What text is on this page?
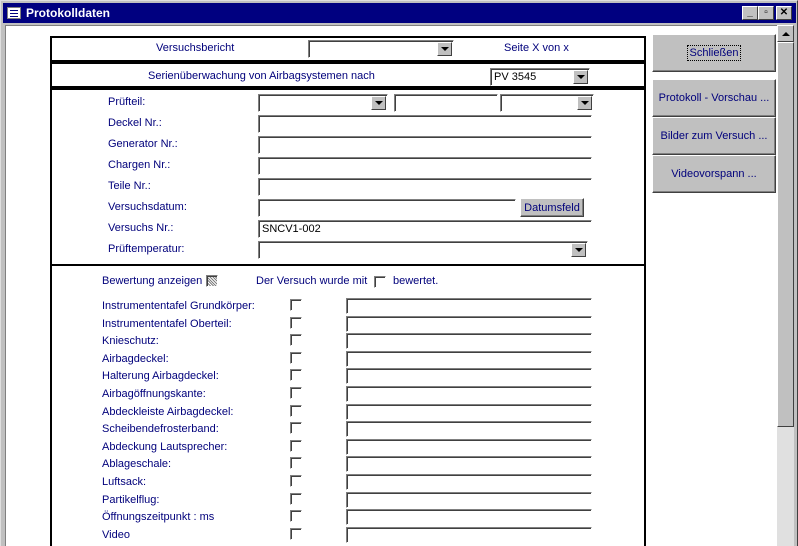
Protokolldaten	_	▫	✕
Versuchsbericht	Seite X von x
Serienüberwachung von Airbagsystemen nach	PV 3545
Prüfteil:
Deckel Nr.:
Generator Nr.:
Chargen Nr.:
Teile Nr.:
Versuchsdatum:	Datumsfeld
Versuchs Nr.:	SNCV1-002
Prüftemperatur:
Bewertung anzeigen	Der Versuch wurde mit bewertet.
Instrumententafel Grundkörper:
Instrumententafel Oberteil:
Knieschutz:
Airbagdeckel:
Halterung Airbagdeckel:
Airbagöffnungskante:
Abdeckleiste Airbagdeckel:
Scheibendefrosterband:
Abdeckung Lautsprecher:
Ablageschale:
Luftsack:
Partikelflug:
Öffnungszeitpunkt : ms
Video
Schließen
Protokoll - Vorschau ...
Bilder zum Versuch ...
Videovorspann ...
